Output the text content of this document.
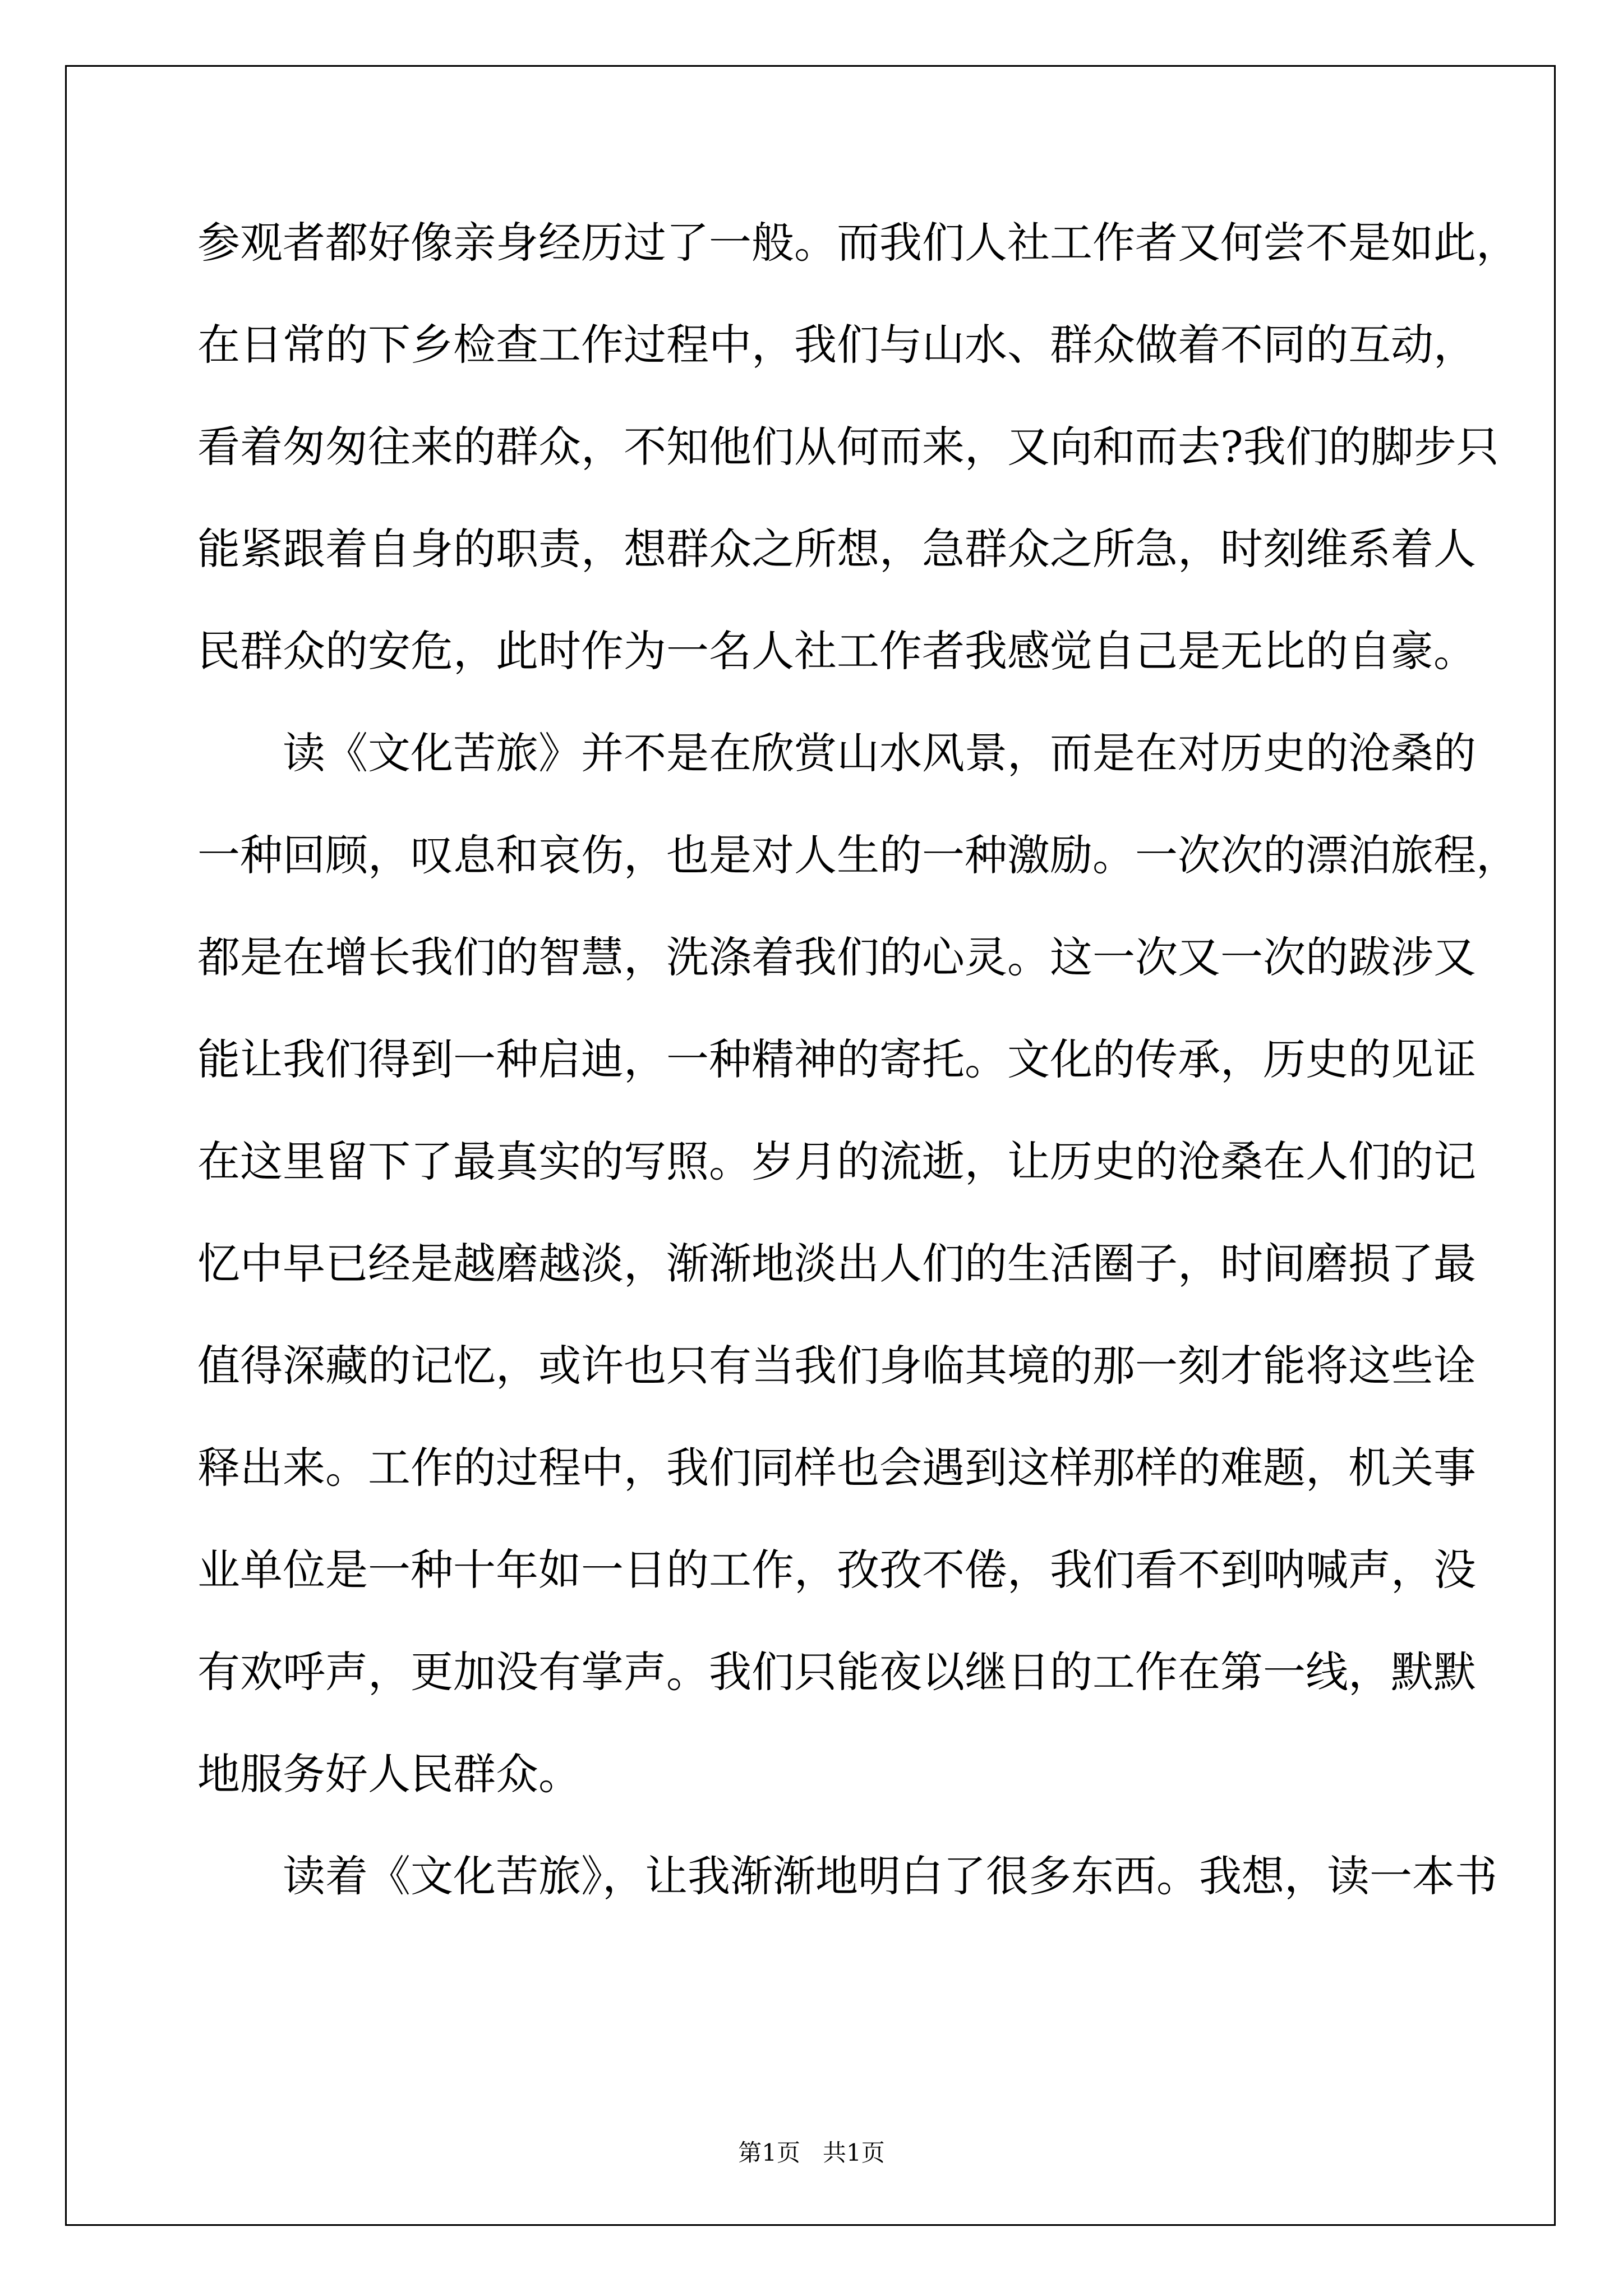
参观者都好像亲身经历过了一般。而我们人社工作者又何尝不是如此，
在日常的下乡检查工作过程中，我们与山水、群众做着不同的互动，
看着匆匆往来的群众，不知他们从何而来，又向和而去?我们的脚步只
能紧跟着自身的职责，想群众之所想，急群众之所急，时刻维系着人
民群众的安危，此时作为一名人社工作者我感觉自己是无比的自豪。
读《文化苦旅》并不是在欣赏山水风景，而是在对历史的沧桑的
一种回顾，叹息和哀伤，也是对人生的一种激励。一次次的漂泊旅程，
都是在增长我们的智慧，洗涤着我们的心灵。这一次又一次的跋涉又
能让我们得到一种启迪，一种精神的寄托。文化的传承，历史的见证
在这里留下了最真实的写照。岁月的流逝，让历史的沧桑在人们的记
忆中早已经是越磨越淡，渐渐地淡出人们的生活圈子，时间磨损了最
值得深藏的记忆，或许也只有当我们身临其境的那一刻才能将这些诠
释出来。工作的过程中，我们同样也会遇到这样那样的难题，机关事
业单位是一种十年如一日的工作，孜孜不倦，我们看不到呐喊声，没
有欢呼声，更加没有掌声。我们只能夜以继日的工作在第一线，默默
地服务好人民群众。
读着《文化苦旅》，让我渐渐地明白了很多东西。我想，读一本书
第1页 共1页
